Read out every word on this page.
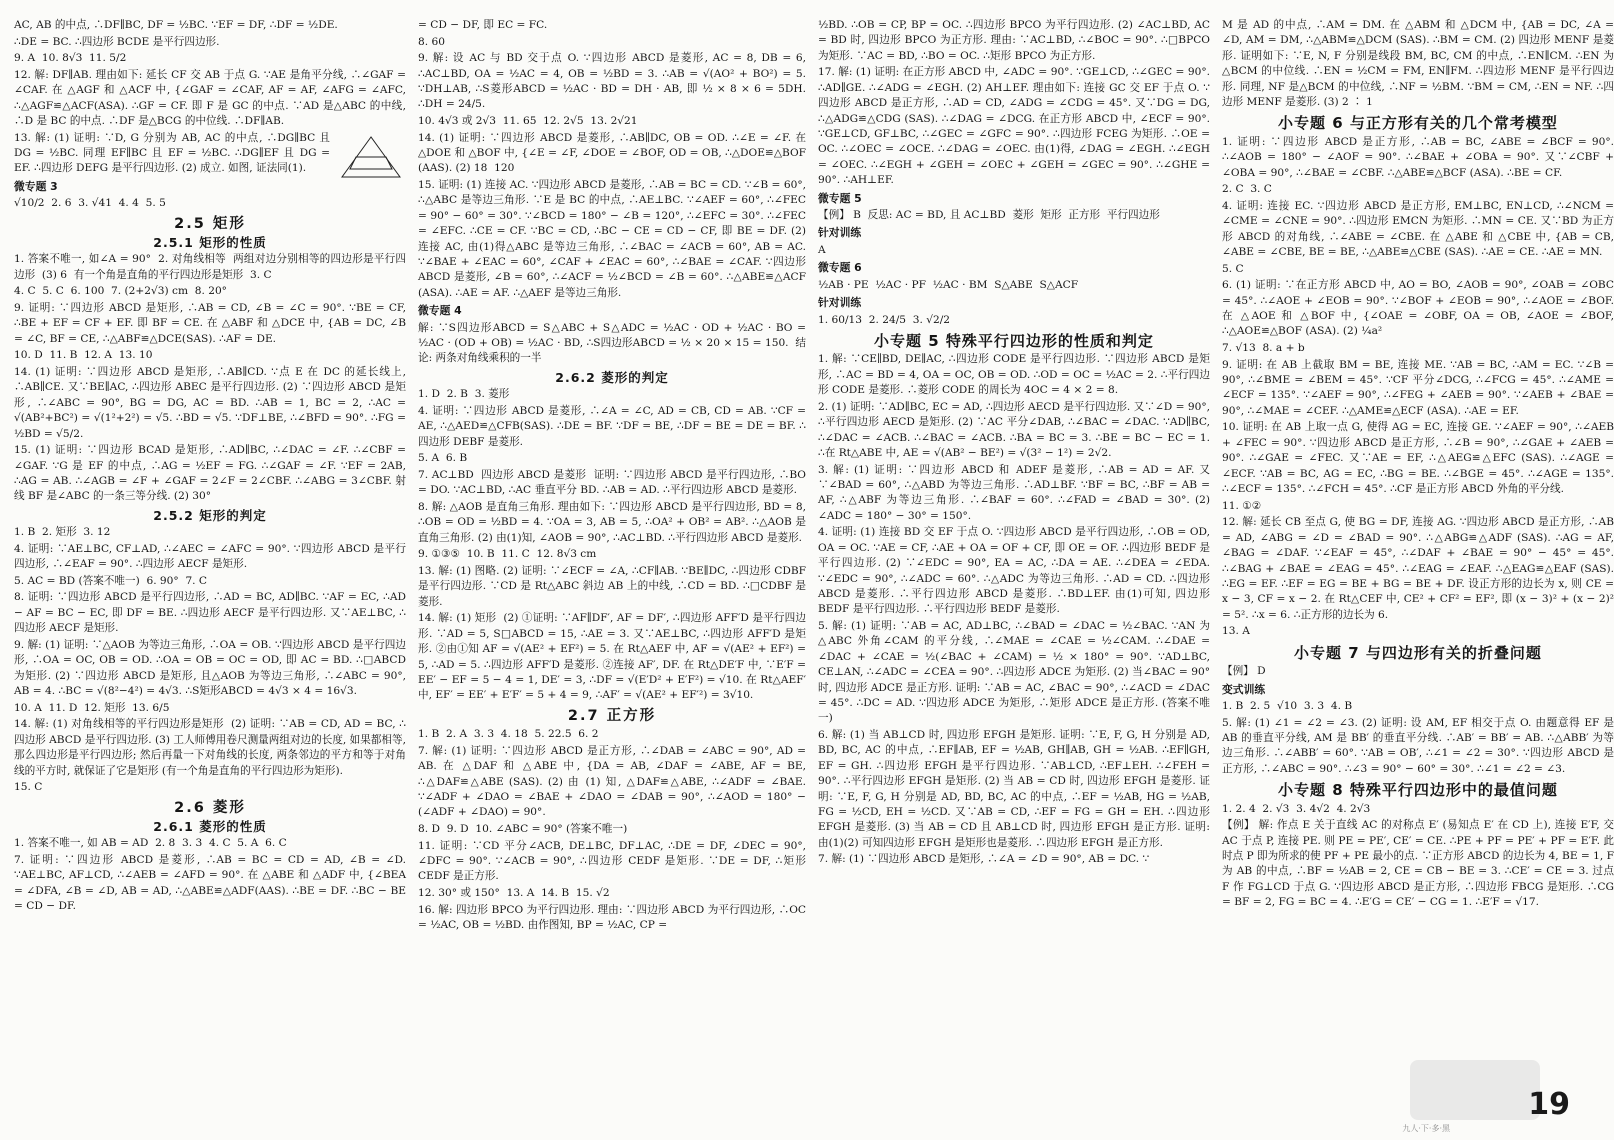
AC, AB 的中点, ∴DF∥BC, DF = ½BC. ∵EF = DF, ∴DF = ½DE.
∴DE = BC. ∴四边形 BCDE 是平行四边形.
9. A  10. 8√3  11. 5/2
12. 解: DF∥AB. 理由如下: 延长 CF 交 AB 于点 G. ∵AE 是角平分线, ∴∠GAF = ∠CAF. 在 △AGF 和 △ACF 中, {∠GAF = ∠CAF, AF = AF, ∠AFG = ∠AFC, ∴△AGF≌△ACF(ASA). ∴GF = CF. 即 F 是 GC 的中点. ∵AD 是△ABC 的中线, ∴D 是 BC 的中点. ∴DF 是△BCG 的中位线. ∴DF∥AB.
13. 解: (1) 证明: ∵D, G 分别为 AB, AC 的中点, ∴DG∥BC 且 DG = ½BC. 同理 EF∥BC 且 EF = ½BC. ∴DG∥EF 且 DG = EF. ∴四边形 DEFG 是平行四边形. (2) 成立. 如图, 证法同(1).
微专题 3
√10/2  2. 6  3. √41  4. 4  5. 5
2.5 矩形
2.5.1 矩形的性质
1. 答案不唯一, 如∠A = 90°  2. 对角线相等  两组对边分别相等的四边形是平行四边形  (3) 6  有一个角是直角的平行四边形是矩形  3. C
4. C  5. C  6. 100  7. (2+2√3) cm  8. 20°
9. 证明: ∵四边形 ABCD 是矩形, ∴AB = CD, ∠B = ∠C = 90°. ∵BE = CF, ∴BE + EF = CF + EF. 即 BF = CE. 在 △ABF 和 △DCE 中, {AB = DC, ∠B = ∠C, BF = CE, ∴△ABF≌△DCE(SAS). ∴AF = DE.
10. D  11. B  12. A  13. 10
14. (1) 证明: ∵四边形 ABCD 是矩形, ∴AB∥CD. ∵点 E 在 DC 的延长线上, ∴AB∥CE. 又∵BE∥AC, ∴四边形 ABEC 是平行四边形. (2) ∵四边形 ABCD 是矩形, ∴∠ABC = 90°, BG = DG, AC = BD. ∴AB = 1, BC = 2, ∴AC = √(AB²+BC²) = √(1²+2²) = √5. ∴BD = √5. ∵DF⊥BE, ∴∠BFD = 90°. ∴FG = ½BD = √5/2.
15. (1) 证明: ∵四边形 BCAD 是矩形, ∴AD∥BC, ∴∠DAC = ∠F. ∴∠CBF = ∠GAF. ∵G 是 EF 的中点, ∴AG = ½EF = FG. ∴∠GAF = ∠F. ∵EF = 2AB, ∴AG = AB. ∴∠AGB = ∠F + ∠GAF = 2∠F = 2∠CBF. ∴∠ABG = 3∠CBF. 射线 BF 是∠ABC 的一条三等分线. (2) 30°
2.5.2 矩形的判定
1. B  2. 矩形  3. 12
4. 证明: ∵AE⊥BC, CF⊥AD, ∴∠AEC = ∠AFC = 90°. ∵四边形 ABCD 是平行四边形, ∴∠EAF = 90°. ∴四边形 AECF 是矩形.
5. AC = BD (答案不唯一)  6. 90°  7. C
8. 证明: ∵四边形 ABCD 是平行四边形, ∴AD = BC, AD∥BC. ∵AF = EC, ∴AD − AF = BC − EC, 即 DF = BE. ∴四边形 AECF 是平行四边形. 又∵AE⊥BC, ∴四边形 AECF 是矩形.
9. 解: (1) 证明: ∵△AOB 为等边三角形, ∴OA = OB. ∵四边形 ABCD 是平行四边形, ∴OA = OC, OB = OD. ∴OA = OB = OC = OD, 即 AC = BD. ∴□ABCD 为矩形. (2) ∵四边形 ABCD 是矩形, 且△AOB 为等边三角形, ∴∠ABC = 90°, AB = 4. ∴BC = √(8²−4²) = 4√3. ∴S矩形ABCD = 4√3 × 4 = 16√3.
10. A  11. D  12. 矩形  13. 6/5
14. 解: (1) 对角线相等的平行四边形是矩形  (2) 证明: ∵AB = CD, AD = BC, ∴四边形 ABCD 是平行四边形. (3) 工人师傅用卷尺测量两组对边的长度, 如果都相等, 那么四边形是平行四边形; 然后再量一下对角线的长度, 两条邻边的平方和等于对角线的平方时, 就保证了它是矩形 (有一个角是直角的平行四边形为矩形).
15. C
2.6 菱形
2.6.1 菱形的性质
1. 答案不唯一, 如 AB = AD  2. 8  3. 3  4. C  5. A  6. C
7. 证明: ∵四边形 ABCD 是菱形, ∴AB = BC = CD = AD, ∠B = ∠D. ∵AE⊥BC, AF⊥CD, ∴∠AEB = ∠AFD = 90°. 在 △ABE 和 △ADF 中, {∠BEA = ∠DFA, ∠B = ∠D, AB = AD, ∴△ABE≌△ADF(AAS). ∴BE = DF. ∴BC − BE = CD − DF.
= CD − DF, 即 EC = FC.
8. 60
9. 解: 设 AC 与 BD 交于点 O. ∵四边形 ABCD 是菱形, AC = 8, DB = 6, ∴AC⊥BD, OA = ½AC = 4, OB = ½BD = 3. ∴AB = √(AO² + BO²) = 5. ∵DH⊥AB, ∴S菱形ABCD = ½AC · BD = DH · AB, 即 ½ × 8 × 6 = 5DH. ∴DH = 24/5.
10. 4√3 或 2√3  11. 65  12. 2√5  13. 2√21
14. (1) 证明: ∵四边形 ABCD 是菱形, ∴AB∥DC, OB = OD. ∴∠E = ∠F. 在 △DOE 和 △BOF 中, {∠E = ∠F, ∠DOE = ∠BOF, OD = OB, ∴△DOE≌△BOF (AAS). (2) 18  120
15. 证明: (1) 连接 AC. ∵四边形 ABCD 是菱形, ∴AB = BC = CD. ∵∠B = 60°, ∴△ABC 是等边三角形. ∵E 是 BC 的中点, ∴AE⊥BC. ∵∠AEF = 60°, ∴∠FEC = 90° − 60° = 30°. ∵∠BCD = 180° − ∠B = 120°, ∴∠EFC = 30°. ∴∠FEC = ∠EFC. ∴CE = CF. ∵BC = CD, ∴BC − CE = CD − CF, 即 BE = DF. (2) 连接 AC, 由(1)得△ABC 是等边三角形, ∴∠BAC = ∠ACB = 60°, AB = AC. ∵∠BAE + ∠EAC = 60°, ∠CAF + ∠EAC = 60°, ∴∠BAE = ∠CAF. ∵四边形 ABCD 是菱形, ∠B = 60°, ∴∠ACF = ½∠BCD = ∠B = 60°. ∴△ABE≌△ACF (ASA). ∴AE = AF. ∴△AEF 是等边三角形.
微专题 4
解: ∵S四边形ABCD = S△ABC + S△ADC = ½AC · OD + ½AC · BO = ½AC · (OD + OB) = ½AC · BD, ∴S四边形ABCD = ½ × 20 × 15 = 150.  结论: 两条对角线乘积的一半
2.6.2 菱形的判定
1. D  2. B  3. 菱形
4. 证明: ∵四边形 ABCD 是菱形, ∴∠A = ∠C, AD = CB, CD = AB. ∵CF = AE, ∴△AED≌△CFB(SAS). ∴DE = BF. ∵DF = BE, ∴DF = BE = DE = BF. ∴四边形 DEBF 是菱形.
5. A  6. B
7. AC⊥BD  四边形 ABCD 是菱形  证明: ∵四边形 ABCD 是平行四边形, ∴BO = DO. ∵AC⊥BD, ∴AC 垂直平分 BD. ∴AB = AD. ∴平行四边形 ABCD 是菱形.
8. 解: △AOB 是直角三角形. 理由如下: ∵四边形 ABCD 是平行四边形, BD = 8, ∴OB = OD = ½BD = 4. ∵OA = 3, AB = 5, ∴OA² + OB² = AB². ∴△AOB 是直角三角形. (2) 由(1)知, ∠AOB = 90°, ∴AC⊥BD. ∴平行四边形 ABCD 是菱形.
9. ①③⑤  10. B  11. C  12. 8√3 cm
13. 解: (1) 图略. (2) 证明: ∵∠ECF = ∠A, ∴CF∥AB. ∵BE∥DC, ∴四边形 CDBF 是平行四边形. ∵CD 是 Rt△ABC 斜边 AB 上的中线, ∴CD = BD. ∴□CDBF 是菱形.
14. 解: (1) 矩形  (2) ①证明: ∵AF∥DF′, AF = DF′, ∴四边形 AFF′D 是平行四边形. ∵AD = 5, S□ABCD = 15, ∴AE = 3. 又∵AE⊥BC, ∴四边形 AFF′D 是矩形. ②由①知 AF = √(AE² + EF²) = 5. 在 Rt△AEF 中, AF = √(AE² + EF²) = 5, ∴AD = 5. ∴四边形 AFF′D 是菱形. ②连接 AF′, DF. 在 Rt△DE′F 中, ∵E′F = EE′ − EF = 5 − 4 = 1, DE′ = 3, ∴DF = √(E′D² + E′F²) = √10. 在 Rt△AEF′ 中, EF′ = EE′ + E′F′ = 5 + 4 = 9, ∴AF′ = √(AE² + EF′²) = 3√10.
2.7 正方形
1. B  2. A  3. 3  4. 18  5. 22.5  6. 2
7. 解: (1) 证明: ∵四边形 ABCD 是正方形, ∴∠DAB = ∠ABC = 90°, AD = AB. 在 △DAF 和 △ABE 中, {DA = AB, ∠DAF = ∠ABE, AF = BE, ∴△DAF≌△ABE (SAS). (2) 由 (1) 知, △DAF≌△ABE, ∴∠ADF = ∠BAE. ∵∠ADF + ∠DAO = ∠BAE + ∠DAO = ∠DAB = 90°, ∴∠AOD = 180° − (∠ADF + ∠DAO) = 90°.
8. D  9. D  10. ∠ABC = 90° (答案不唯一)
11. 证明: ∵CD 平分∠ACB, DE⊥BC, DF⊥AC, ∴DE = DF, ∠DEC = 90°, ∠DFC = 90°. ∵∠ACB = 90°, ∴四边形 CEDF 是矩形. ∵DE = DF, ∴矩形 CEDF 是正方形.
12. 30° 或 150°  13. A  14. B  15. √2
16. 解: 四边形 BPCO 为平行四边形. 理由: ∵四边形 ABCD 为平行四边形, ∴OC = ½AC, OB = ½BD. 由作图知, BP = ½AC, CP =
½BD. ∴OB = CP, BP = OC. ∴四边形 BPCO 为平行四边形. (2) ∠AC⊥BD, AC = BD 时, 四边形 BPCO 为正方形. 理由: ∵AC⊥BD, ∴∠BOC = 90°. ∴□BPCO 为矩形. ∵AC = BD, ∴BO = OC. ∴矩形 BPCO 为正方形.
17. 解: (1) 证明: 在正方形 ABCD 中, ∠ADC = 90°. ∵GE⊥CD, ∴∠GEC = 90°. ∴AD∥GE. ∴∠ADG = ∠EGH. (2) AH⊥EF. 理由如下: 连接 GC 交 EF 于点 O. ∵四边形 ABCD 是正方形, ∴AD = CD, ∠ADG = ∠CDG = 45°. 又∵DG = DG, ∴△ADG≌△CDG (SAS). ∴∠DAG = ∠DCG. 在正方形 ABCD 中, ∠ECF = 90°. ∵GE⊥CD, GF⊥BC, ∴∠GEC = ∠GFC = 90°. ∴四边形 FCEG 为矩形. ∴OE = OC. ∴∠OEC = ∠OCE. ∴∠DAG = ∠OEC. 由(1)得, ∠DAG = ∠EGH. ∴∠EGH = ∠OEC. ∴∠EGH + ∠GEH = ∠OEC + ∠GEH = ∠GEC = 90°. ∴∠GHE = 90°. ∴AH⊥EF.
微专题 5
【例】 B  反思: AC = BD, 且 AC⊥BD  菱形  矩形  正方形  平行四边形
针对训练
A
微专题 6
½AB · PE  ½AC · PF  ½AC · BM  S△ABE  S△ACF
针对训练
1. 60/13  2. 24/5  3. √2/2
小专题 5 特殊平行四边形的性质和判定
1. 解: ∵CE∥BD, DE∥AC, ∴四边形 CODE 是平行四边形. ∵四边形 ABCD 是矩形, ∴AC = BD = 4, OA = OC, OB = OD. ∴OD = OC = ½AC = 2. ∴平行四边形 CODE 是菱形. ∴菱形 CODE 的周长为 4OC = 4 × 2 = 8.
2. (1) 证明: ∵AD∥BC, EC = AD, ∴四边形 AECD 是平行四边形. 又∵∠D = 90°, ∴平行四边形 AECD 是矩形. (2) ∵AC 平分∠DAB, ∴∠BAC = ∠DAC. ∵AD∥BC, ∴∠DAC = ∠ACB. ∴∠BAC = ∠ACB. ∴BA = BC = 3. ∴BE = BC − EC = 1. ∴在 Rt△ABE 中, AE = √(AB² − BE²) = √(3² − 1²) = 2√2.
3. 解: (1) 证明: ∵四边形 ABCD 和 ADEF 是菱形, ∴AB = AD = AF. 又∵∠BAD = 60°, ∴△ABD 为等边三角形. ∴AD⊥BF. ∵BF = BC, ∴BF = AB = AF, ∴△ABF 为等边三角形. ∴∠BAF = 60°. ∴∠FAD = ∠BAD = 30°. (2) ∠ADC = 180° − 30° = 150°.
4. 证明: (1) 连接 BD 交 EF 于点 O. ∵四边形 ABCD 是平行四边形, ∴OB = OD, OA = OC. ∵AE = CF, ∴AE + OA = OF + CF, 即 OE = OF. ∴四边形 BEDF 是平行四边形. (2) ∵∠EDC = 90°, EA = AC, ∴DA = AE. ∴∠DEA = ∠EDA. ∵∠EDC = 90°, ∴∠ADC = 60°. ∴△ADC 为等边三角形. ∴AD = CD. ∴四边形 ABCD 是菱形. ∴平行四边形 ABCD 是菱形. ∴BD⊥EF. 由(1)可知, 四边形 BEDF 是平行四边形. ∴平行四边形 BEDF 是菱形.
5. 解: (1) 证明: ∵AB = AC, AD⊥BC, ∴∠BAD = ∠DAC = ½∠BAC. ∵AN 为△ABC 外角∠CAM 的平分线, ∴∠MAE = ∠CAE = ½∠CAM. ∴∠DAE = ∠DAC + ∠CAE = ½(∠BAC + ∠CAM) = ½ × 180° = 90°. ∵AD⊥BC, CE⊥AN, ∴∠ADC = ∠CEA = 90°. ∴四边形 ADCE 为矩形. (2) 当∠BAC = 90° 时, 四边形 ADCE 是正方形. 证明: ∵AB = AC, ∠BAC = 90°, ∴∠ACD = ∠DAC = 45°. ∴DC = AD. ∵四边形 ADCE 为矩形, ∴矩形 ADCE 是正方形. (答案不唯一)
6. 解: (1) 当 AB⊥CD 时, 四边形 EFGH 是矩形. 证明: ∵E, F, G, H 分别是 AD, BD, BC, AC 的中点, ∴EF∥AB, EF = ½AB, GH∥AB, GH = ½AB. ∴EF∥GH, EF = GH. ∴四边形 EFGH 是平行四边形. ∵AB⊥CD, ∴EF⊥EH. ∴∠FEH = 90°. ∴平行四边形 EFGH 是矩形. (2) 当 AB = CD 时, 四边形 EFGH 是菱形. 证明: ∵E, F, G, H 分别是 AD, BD, BC, AC 的中点, ∴EF = ½AB, HG = ½AB, FG = ½CD, EH = ½CD. 又∵AB = CD, ∴EF = FG = GH = EH. ∴四边形 EFGH 是菱形. (3) 当 AB = CD 且 AB⊥CD 时, 四边形 EFGH 是正方形. 证明: 由(1)(2) 可知四边形 EFGH 是矩形也是菱形. ∴四边形 EFGH 是正方形.
7. 解: (1) ∵四边形 ABCD 是矩形, ∴∠A = ∠D = 90°, AB = DC. ∵
M 是 AD 的中点, ∴AM = DM. 在 △ABM 和 △DCM 中, {AB = DC, ∠A = ∠D, AM = DM, ∴△ABM≌△DCM (SAS). ∴BM = CM. (2) 四边形 MENF 是菱形. 证明如下: ∵E, N, F 分别是线段 BM, BC, CM 的中点, ∴EN∥CM. ∴EN 为△BCM 的中位线. ∴EN = ½CM = FM, EN∥FM. ∴四边形 MENF 是平行四边形. 同理, NF 是△BCM 的中位线, ∴NF = ½BM. ∵BM = CM, ∴EN = NF. ∴四边形 MENF 是菱形. (3) 2 ∶ 1
小专题 6 与正方形有关的几个常考模型
1. 证明: ∵四边形 ABCD 是正方形, ∴AB = BC, ∠ABE = ∠BCF = 90°. ∴∠AOB = 180° − ∠AOF = 90°. ∴∠BAE + ∠OBA = 90°. 又∵∠CBF + ∠OBA = 90°, ∴∠BAE = ∠CBF. ∴△ABE≌△BCF (ASA). ∴BE = CF.
2. C  3. C
4. 证明: 连接 EC. ∵四边形 ABCD 是正方形, EM⊥BC, EN⊥CD, ∴∠NCM = ∠CME = ∠CNE = 90°. ∴四边形 EMCN 为矩形. ∴MN = CE. 又∵BD 为正方形 ABCD 的对角线, ∴∠ABE = ∠CBE. 在 △ABE 和 △CBE 中, {AB = CB, ∠ABE = ∠CBE, BE = BE, ∴△ABE≌△CBE (SAS). ∴AE = CE. ∴AE = MN.
5. C
6. (1) 证明: ∵在正方形 ABCD 中, AO = BO, ∠AOB = 90°, ∠OAB = ∠OBC = 45°. ∴∠AOE + ∠EOB = 90°. ∵∠BOF + ∠EOB = 90°, ∴∠AOE = ∠BOF. 在 △AOE 和 △BOF 中, {∠OAE = ∠OBF, OA = OB, ∠AOE = ∠BOF, ∴△AOE≌△BOF (ASA). (2) ¼a²
7. √13  8. a + b
9. 证明: 在 AB 上截取 BM = BE, 连接 ME. ∵AB = BC, ∴AM = EC. ∵∠B = 90°, ∴∠BME = ∠BEM = 45°. ∵CF 平分∠DCG, ∴∠FCG = 45°. ∴∠AME = ∠ECF = 135°. ∵∠AEF = 90°, ∴∠FEG + ∠AEB = 90°. ∵∠AEB + ∠BAE = 90°, ∴∠MAE = ∠CEF. ∴△AME≌△ECF (ASA). ∴AE = EF.
10. 证明: 在 AB 上取一点 G, 使得 AG = EC, 连接 GE. ∵∠AEF = 90°, ∴∠AEB + ∠FEC = 90°. ∵四边形 ABCD 是正方形, ∴∠B = 90°, ∴∠GAE + ∠AEB = 90°. ∴∠GAE = ∠FEC. 又∵AE = EF, ∴△AEG≌△EFC (SAS). ∴∠AGE = ∠ECF. ∵AB = BC, AG = EC, ∴BG = BE. ∴∠BGE = 45°. ∴∠AGE = 135°. ∴∠ECF = 135°. ∴∠FCH = 45°. ∴CF 是正方形 ABCD 外角的平分线.
11. ①②
12. 解: 延长 CB 至点 G, 使 BG = DF, 连接 AG. ∵四边形 ABCD 是正方形, ∴AB = AD, ∠ABG = ∠D = ∠BAD = 90°. ∴△ABG≌△ADF (SAS). ∴AG = AF, ∠BAG = ∠DAF. ∵∠EAF = 45°, ∴∠DAF + ∠BAE = 90° − 45° = 45°. ∴∠BAG + ∠BAE = ∠EAG = 45°. ∴∠EAG = ∠EAF. ∴△EAG≌△EAF (SAS). ∴EG = EF. ∴EF = EG = BE + BG = BE + DF. 设正方形的边长为 x, 则 CE = x − 3, CF = x − 2. 在 Rt△CEF 中, CE² + CF² = EF², 即 (x − 3)² + (x − 2)² = 5². ∴x = 6. ∴正方形的边长为 6.
13. A
小专题 7 与四边形有关的折叠问题
【例】 D
变式训练
1. B  2. 5  √10  3. 3  4. B
5. 解: (1) ∠1 = ∠2 = ∠3. (2) 证明: 设 AM, EF 相交于点 O. 由题意得 EF 是 AB 的垂直平分线, AM 是 BB′ 的垂直平分线. ∴AB′ = BB′ = AB. ∴△ABB′ 为等边三角形. ∴∠ABB′ = 60°. ∵AB = OB′, ∴∠1 = ∠2 = 30°. ∵四边形 ABCD 是正方形, ∴∠ABC = 90°. ∴∠3 = 90° − 60° = 30°. ∴∠1 = ∠2 = ∠3.
小专题 8 特殊平行四边形中的最值问题
1. 2. 4  2. √3  3. 4√2  4. 2√3
【例】 解: 作点 E 关于直线 AC 的对称点 E′ (易知点 E′ 在 CD 上), 连接 E′F, 交 AC 于点 P, 连接 PE. 则 PE = PE′, CE′ = CE. ∴PE + PF = PE′ + PF = E′F. 此时点 P 即为所求的使 PF + PE 最小的点. ∵正方形 ABCD 的边长为 4, BE = 1, F 为 AB 的中点, ∴BF = ½AB = 2, CE = CB − BE = 3. ∴CE′ = CE = 3. 过点 F 作 FG⊥CD 于点 G. ∵四边形 ABCD 是正方形, ∴四边形 FBCG 是矩形. ∴CG = BF = 2, FG = BC = 4. ∴E′G = CE′ − CG = 1. ∴E′F = √17.
19
九人·下·多·黑
